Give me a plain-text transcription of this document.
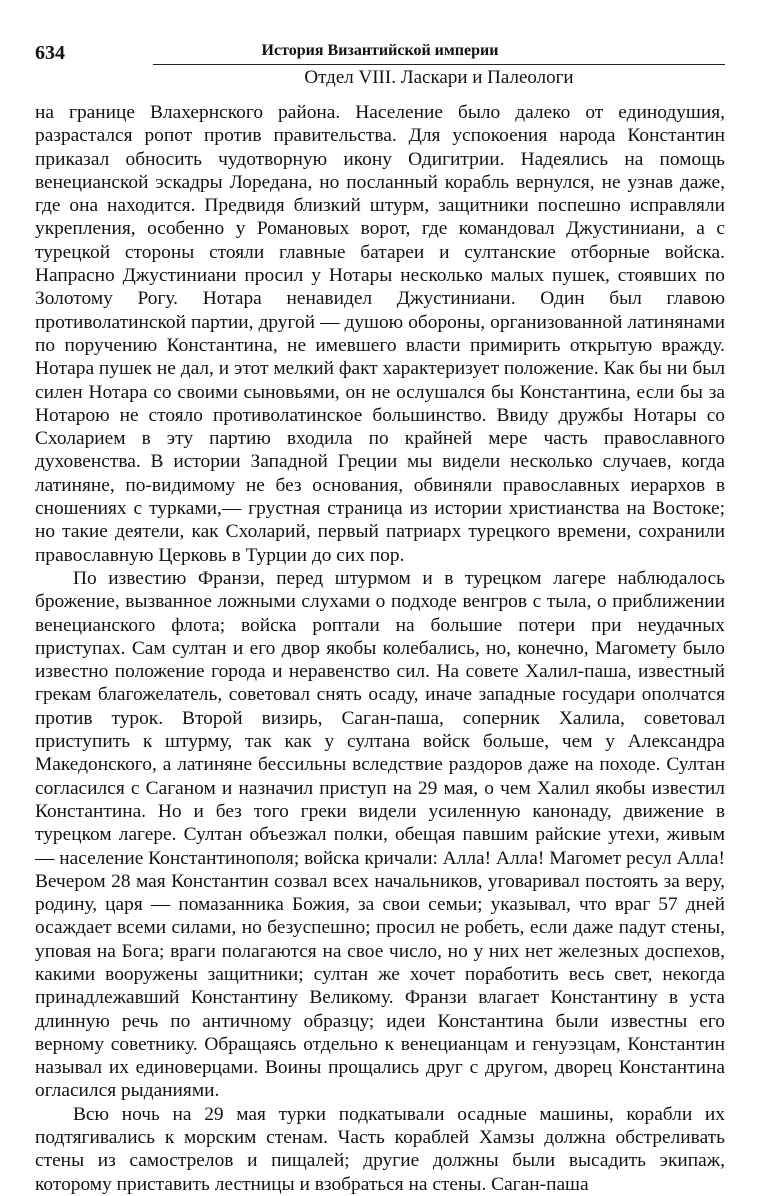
634	История Византийской империи
Отдел VIII. Ласкари и Палеологи

на границе Влахернского района. Население было далеко от единодушия, разрастался ропот против правительства. Для успокоения народа Константин приказал обносить чудотворную икону Одигитрии. Надеялись на помощь венецианской эскадры Лоредана, но посланный корабль вернулся, не узнав даже, где она находится. Предвидя близкий штурм, защитники поспешно исправляли укрепления, особенно у Романовых ворот, где командовал Джустиниани, а с турецкой стороны стояли главные батареи и султанские отборные войска. Напрасно Джустиниани просил у Нотары несколько малых пушек, стоявших по Золотому Рогу. Нотара ненавидел Джустиниани. Один был главою противолатинской партии, другой — душою обороны, организованной латинянами по поручению Константина, не имевшего власти примирить открытую вражду. Нотара пушек не дал, и этот мелкий факт характеризует положение. Как бы ни был силен Нотара со своими сыновьями, он не ослушался бы Константина, если бы за Нотарою не стояло противолатинское большинство. Ввиду дружбы Нотары со Схоларием в эту партию входила по крайней мере часть православного духовенства. В истории Западной Греции мы видели несколько случаев, когда латиняне, по-видимому не без основания, обвиняли православных иерархов в сношениях с турками,— грустная страница из истории христианства на Востоке; но такие деятели, как Схоларий, первый патриарх турецкого времени, сохранили православную Церковь в Турции до сих пор.

По известию Франзи, перед штурмом и в турецком лагере наблюдалось брожение, вызванное ложными слухами о подходе венгров с тыла, о приближении венецианского флота; войска роптали на большие потери при неудачных приступах. Сам султан и его двор якобы колебались, но, конечно, Магомету было известно положение города и неравенство сил. На совете Халил-паша, известный грекам благожелатель, советовал снять осаду, иначе западные государи ополчатся против турок. Второй визирь, Саган-паша, соперник Халила, советовал приступить к штурму, так как у султана войск больше, чем у Александра Македонского, а латиняне бессильны вследствие раздоров даже на походе. Султан согласился с Саганом и назначил приступ на 29 мая, о чем Халил якобы известил Константина. Но и без того греки видели усиленную канонаду, движение в турецком лагере. Султан объезжал полки, обещая павшим райские утехи, живым — население Константинополя; войска кричали: Алла! Алла! Магомет ресул Алла! Вечером 28 мая Константин созвал всех начальников, уговаривал постоять за веру, родину, царя — помазанника Божия, за свои семьи; указывал, что враг 57 дней осаждает всеми силами, но безуспешно; просил не робеть, если даже падут стены, уповая на Бога; враги полагаются на свое число, но у них нет железных доспехов, какими вооружены защитники; султан же хочет поработить весь свет, некогда принадлежавший Константину Великому. Франзи влагает Константину в уста длинную речь по античному образцу; идеи Константина были известны его верному советнику. Обращаясь отдельно к венецианцам и генуэзцам, Константин называл их единоверцами. Воины прощались друг с другом, дворец Константина огласился рыданиями.

Всю ночь на 29 мая турки подкатывали осадные машины, корабли их подтягивались к морским стенам. Часть кораблей Хамзы должна обстреливать стены из самострелов и пищалей; другие должны были высадить экипаж, которому приставить лестницы и взобраться на стены. Саган-паша
